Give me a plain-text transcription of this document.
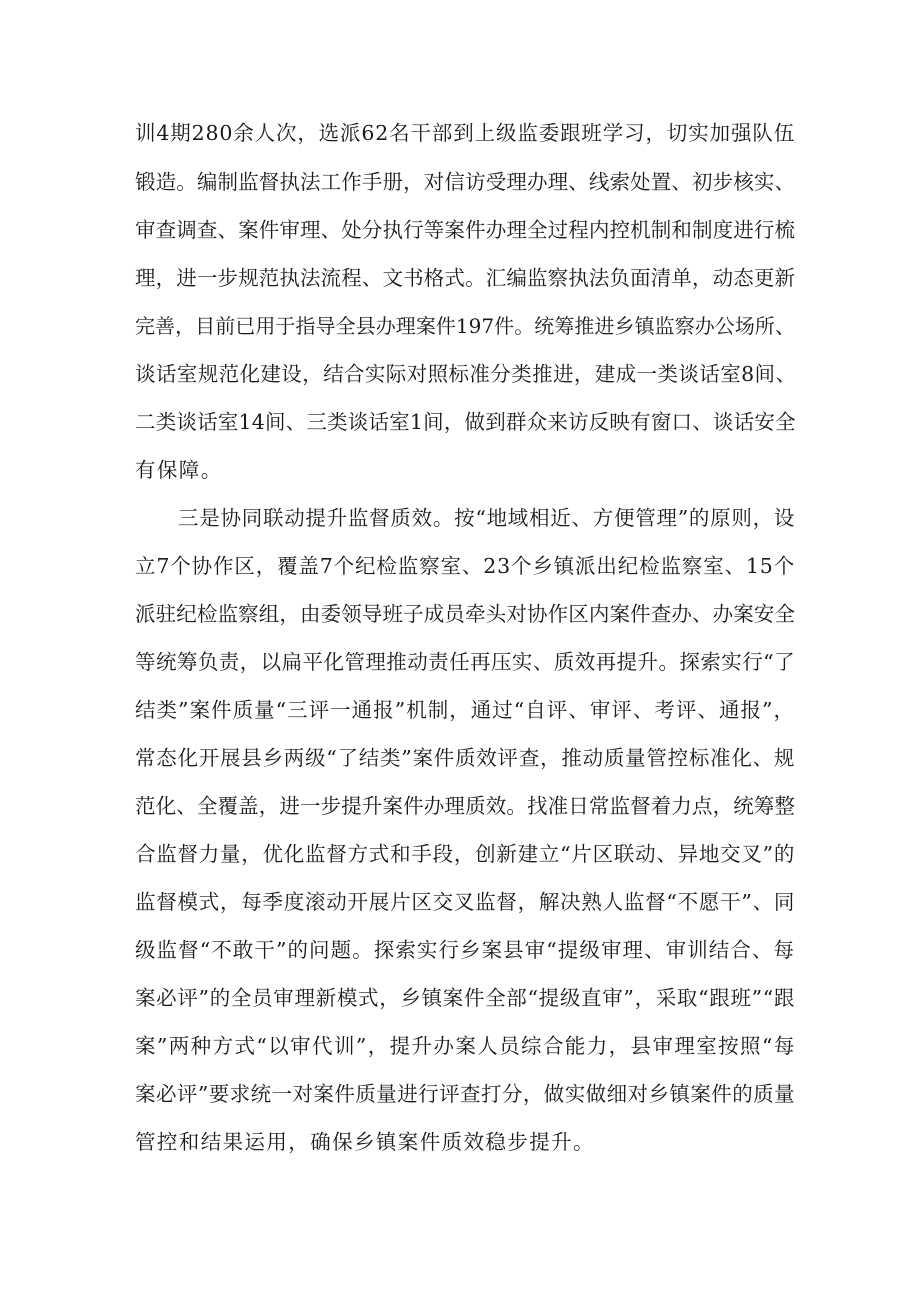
训4期280余人次，选派62名干部到上级监委跟班学习，切实加强队伍
锻造。编制监督执法工作手册，对信访受理办理、线索处置、初步核实、
审查调查、案件审理、处分执行等案件办理全过程内控机制和制度进行梳
理，进一步规范执法流程、文书格式。汇编监察执法负面清单，动态更新
完善，目前已用于指导全县办理案件197件。统筹推进乡镇监察办公场所、
谈话室规范化建设，结合实际对照标准分类推进，建成一类谈话室8间、
二类谈话室14间、三类谈话室1间，做到群众来访反映有窗口、谈话安全
有保障。
三是协同联动提升监督质效。按“地域相近、方便管理”的原则，设
立7个协作区，覆盖7个纪检监察室、23个乡镇派出纪检监察室、15个
派驻纪检监察组，由委领导班子成员牵头对协作区内案件查办、办案安全
等统筹负责，以扁平化管理推动责任再压实、质效再提升。探索实行“了
结类”案件质量“三评一通报”机制，通过“自评、审评、考评、通报”，
常态化开展县乡两级“了结类”案件质效评查，推动质量管控标准化、规
范化、全覆盖，进一步提升案件办理质效。找准日常监督着力点，统筹整
合监督力量，优化监督方式和手段，创新建立“片区联动、异地交叉”的
监督模式，每季度滚动开展片区交叉监督，解决熟人监督“不愿干”、同
级监督“不敢干”的问题。探索实行乡案县审“提级审理、审训结合、每
案必评”的全员审理新模式，乡镇案件全部“提级直审”，采取“跟班”“跟
案”两种方式“以审代训”，提升办案人员综合能力，县审理室按照“每
案必评”要求统一对案件质量进行评查打分，做实做细对乡镇案件的质量
管控和结果运用，确保乡镇案件质效稳步提升。
